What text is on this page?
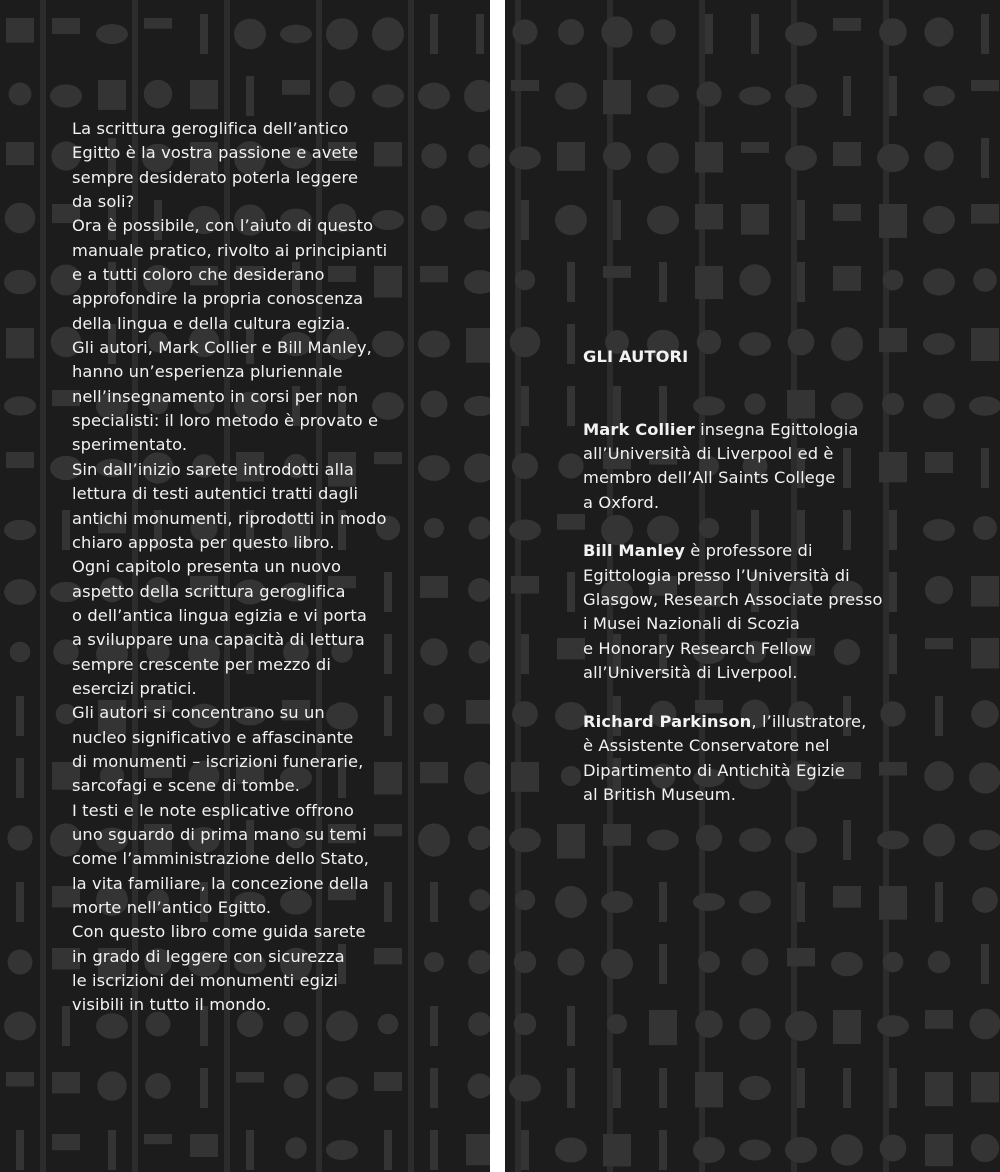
La scrittura geroglifica dell’antico
Egitto è la vostra passione e avete
sempre desiderato poterla leggere
da soli?
Ora è possibile, con l’aiuto di questo
manuale pratico, rivolto ai principianti
e a tutti coloro che desiderano
approfondire la propria conoscenza
della lingua e della cultura egizia.
Gli autori, Mark Collier e Bill Manley,
hanno un’esperienza pluriennale
nell’insegnamento in corsi per non
specialisti: il loro metodo è provato e
sperimentato.
Sin dall’inizio sarete introdotti alla
lettura di testi autentici tratti dagli
antichi monumenti, riprodotti in modo
chiaro apposta per questo libro.
Ogni capitolo presenta un nuovo
aspetto della scrittura geroglifica
o dell’antica lingua egizia e vi porta
a sviluppare una capacità di lettura
sempre crescente per mezzo di
esercizi pratici.
Gli autori si concentrano su un
nucleo significativo e affascinante
di monumenti – iscrizioni funerarie,
sarcofagi e scene di tombe.
I testi e le note esplicative offrono
uno sguardo di prima mano su temi
come l’amministrazione dello Stato,
la vita familiare, la concezione della
morte nell’antico Egitto.
Con questo libro come guida sarete
in grado di leggere con sicurezza
le iscrizioni dei monumenti egizi
visibili in tutto il mondo.

GLI AUTORI

Mark Collier insegna Egittologia
all’Università di Liverpool ed è
membro dell’All Saints College
a Oxford.
Bill Manley è professore di
Egittologia presso l’Università di
Glasgow, Research Associate presso
i Musei Nazionali di Scozia
e Honorary Research Fellow
all’Università di Liverpool.
Richard Parkinson, l’illustratore,
è Assistente Conservatore nel
Dipartimento di Antichità Egizie
al British Museum.
